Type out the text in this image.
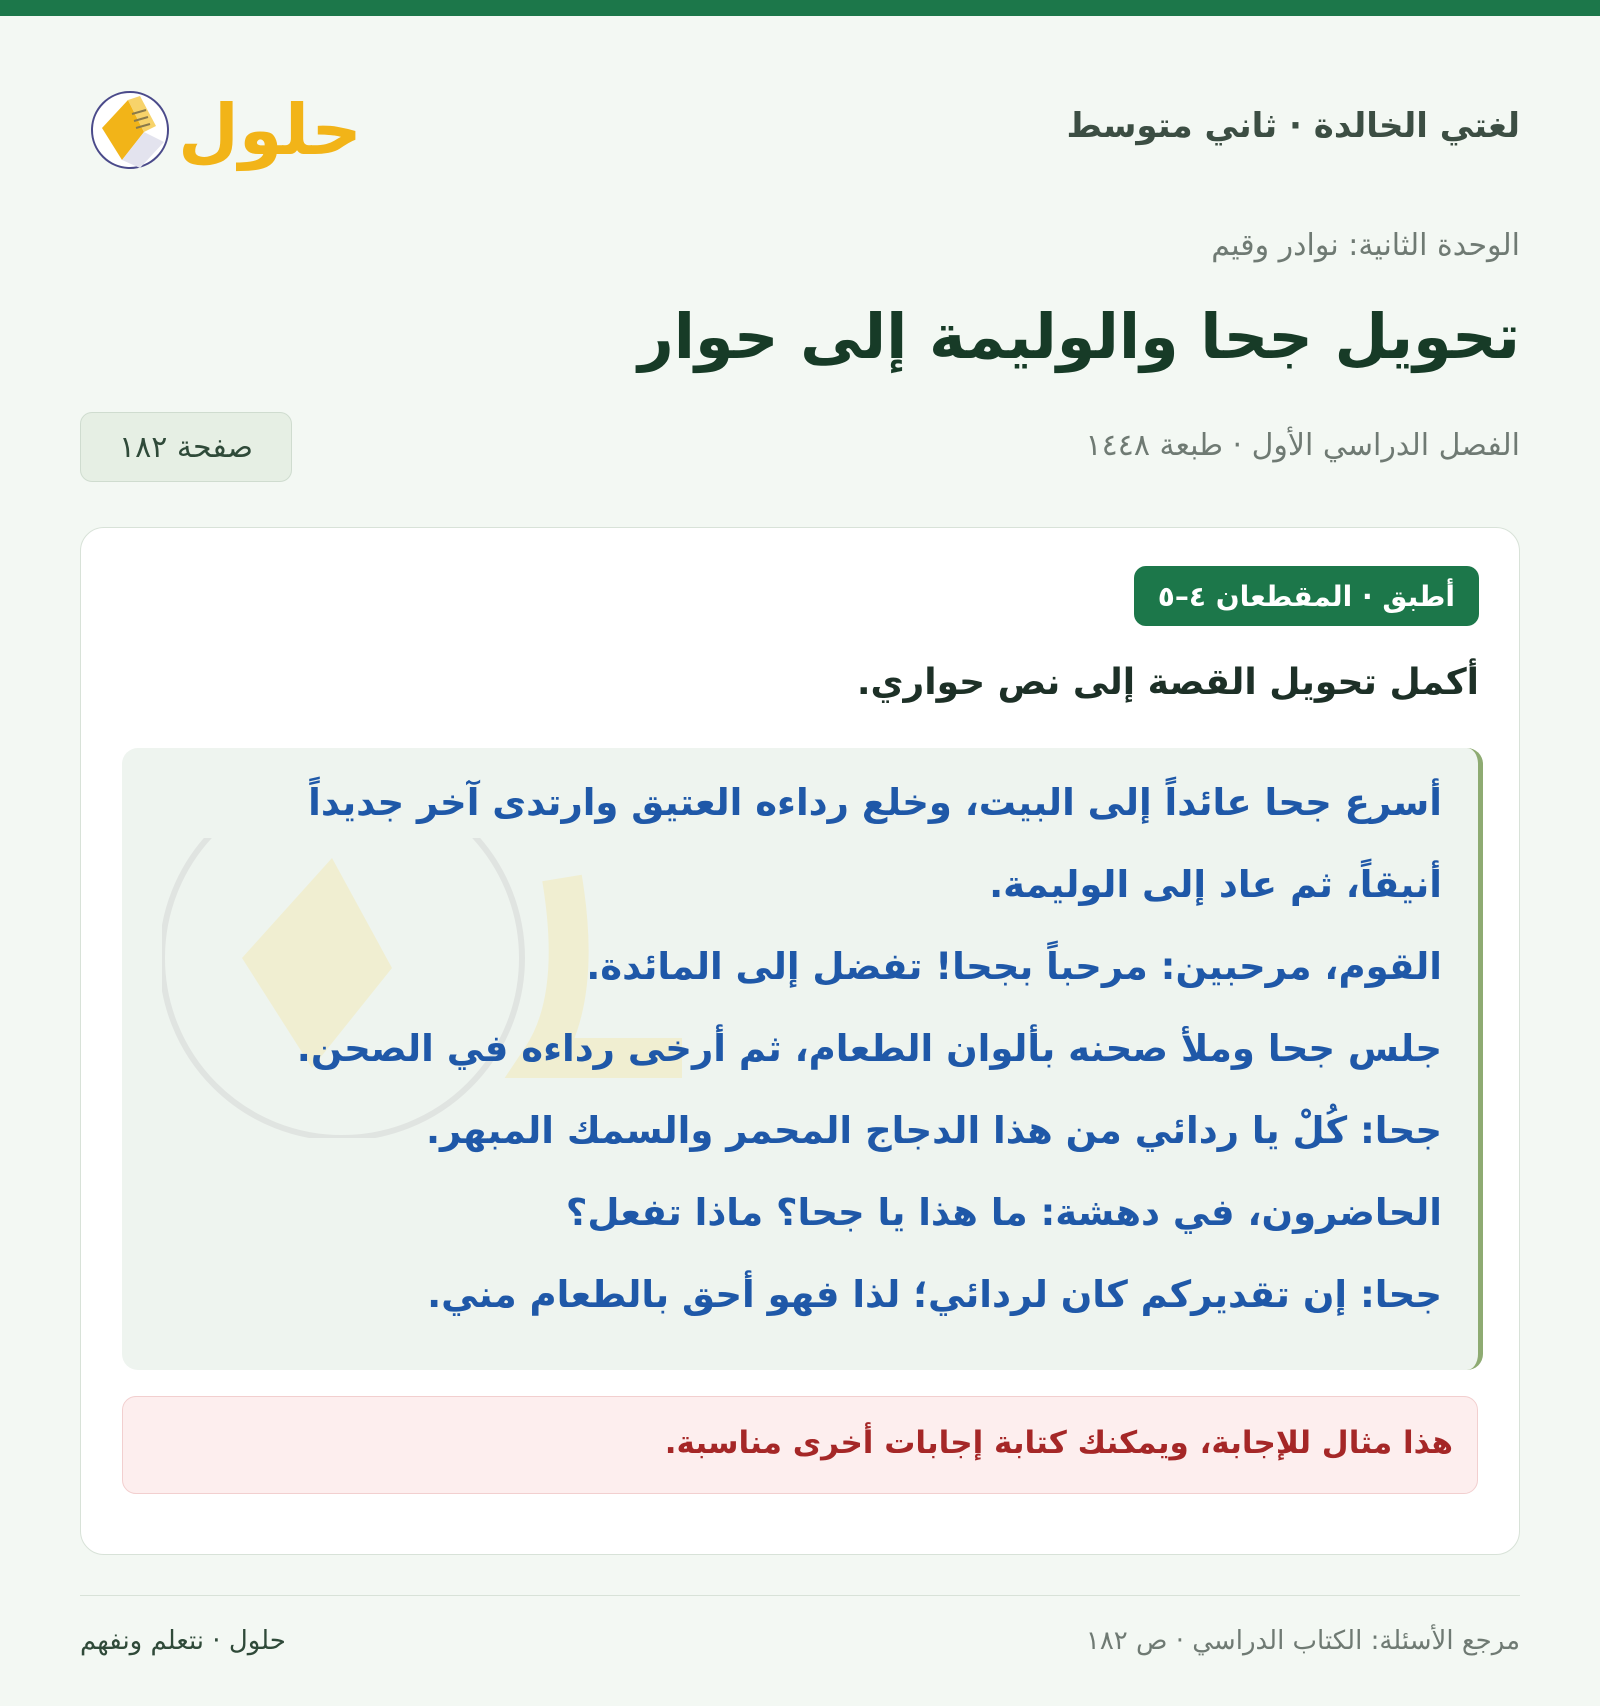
لغتي الخالدة · ثاني متوسط
حلول
الوحدة الثانية: نوادر وقيم
تحويل جحا والوليمة إلى حوار
الفصل الدراسي الأول · طبعة ١٤٤٨
صفحة ١٨٢
أطبق · المقطعان ٤–٥
أكمل تحويل القصة إلى نص حواري.
أسرع جحا عائداً إلى البيت، وخلع رداءه العتيق وارتدى آخر جديداً
أنيقاً، ثم عاد إلى الوليمة.
القوم، مرحبين: مرحباً بجحا! تفضل إلى المائدة.
جلس جحا وملأ صحنه بألوان الطعام، ثم أرخى رداءه في الصحن.
جحا: كُلْ يا ردائي من هذا الدجاج المحمر والسمك المبهر.
الحاضرون، في دهشة: ما هذا يا جحا؟ ماذا تفعل؟
جحا: إن تقديركم كان لردائي؛ لذا فهو أحق بالطعام مني.
هذا مثال للإجابة، ويمكنك كتابة إجابات أخرى مناسبة.
مرجع الأسئلة: الكتاب الدراسي · ص ١٨٢
حلول · نتعلم ونفهم
